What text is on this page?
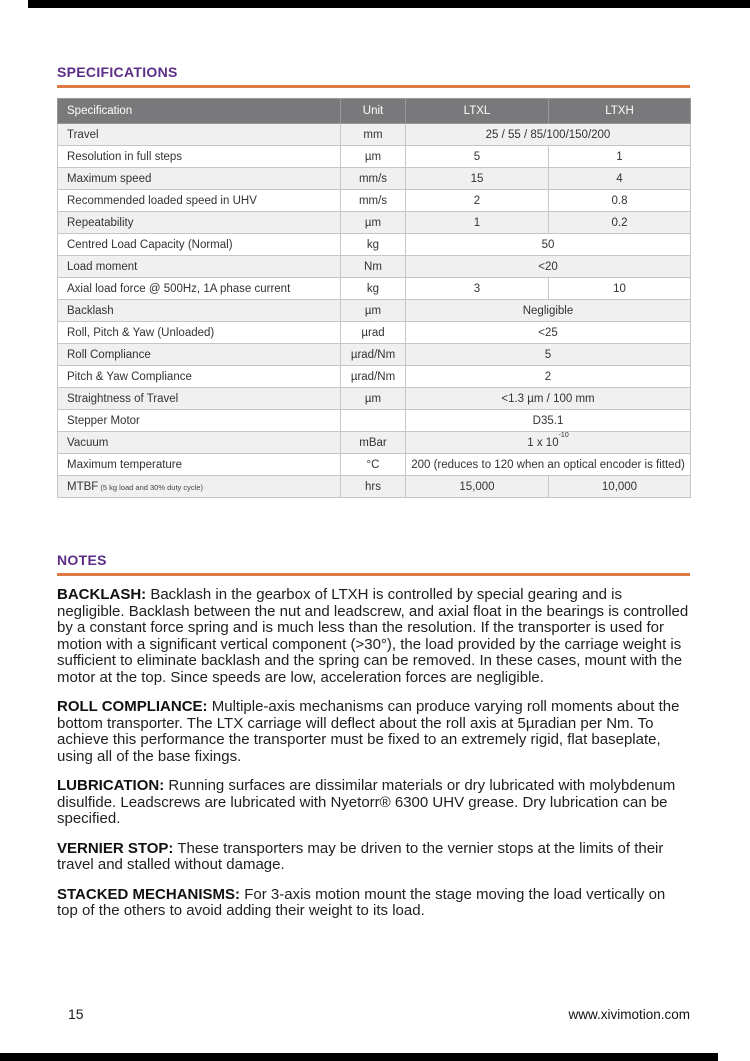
SPECIFICATIONS
Specification	Unit	LTXL	LTXH
Travel	mm	25 / 55 / 85/100/150/200	
Resolution in full steps	µm	5	1
Maximum speed	mm/s	15	4
Recommended loaded speed in UHV	mm/s	2	0.8
Repeatability	µm	1	0.2
Centred Load Capacity (Normal)	kg	50	
Load moment	Nm	<20	
Axial load force @ 500Hz, 1A phase current	kg	3	10
Backlash	µm	Negligible	
Roll, Pitch & Yaw (Unloaded)	µrad	<25	
Roll Compliance	µrad/Nm	5	
Pitch & Yaw Compliance	µrad/Nm	2	
Straightness of Travel	µm	<1.3 µm / 100 mm	
Stepper Motor		D35.1	
Vacuum	mBar	1 x $10^{-10}$
Maximum temperature	°C	200 (reduces to 120 when an optical encoder is fitted)	
MTBF (5 kg load and 30% duty cycle)	hrs	15,000	10,000
NOTES

BACKLASH: Backlash in the gearbox of LTXH is controlled by special gearing and is negligible. Backlash between the nut and leadscrew, and axial float in the bearings is controlled by a constant force spring and is much less than the resolution. If the transporter is used for motion with a significant vertical component (>30°), the load provided by the carriage weight is sufficient to eliminate backlash and the spring can be removed. In these cases, mount with the motor at the top. Since speeds are low, acceleration forces are negligible.

ROLL COMPLIANCE: Multiple-axis mechanisms can produce varying roll moments about the bottom transporter. The LTX carriage will deflect about the roll axis at 5µradian per Nm. To achieve this performance the transporter must be fixed to an extremely rigid, flat baseplate, using all of the base fixings.

LUBRICATION: Running surfaces are dissimilar materials or dry lubricated with molybdenum disulfide. Leadscrews are lubricated with Nyetorr® 6300 UHV grease. Dry lubrication can be specified.

VERNIER STOP: These transporters may be driven to the vernier stops at the limits of their travel and stalled without damage.

STACKED MECHANISMS: For 3-axis motion mount the stage moving the load vertically on top of the others to avoid adding their weight to its load.

15	www.xivimotion.com
